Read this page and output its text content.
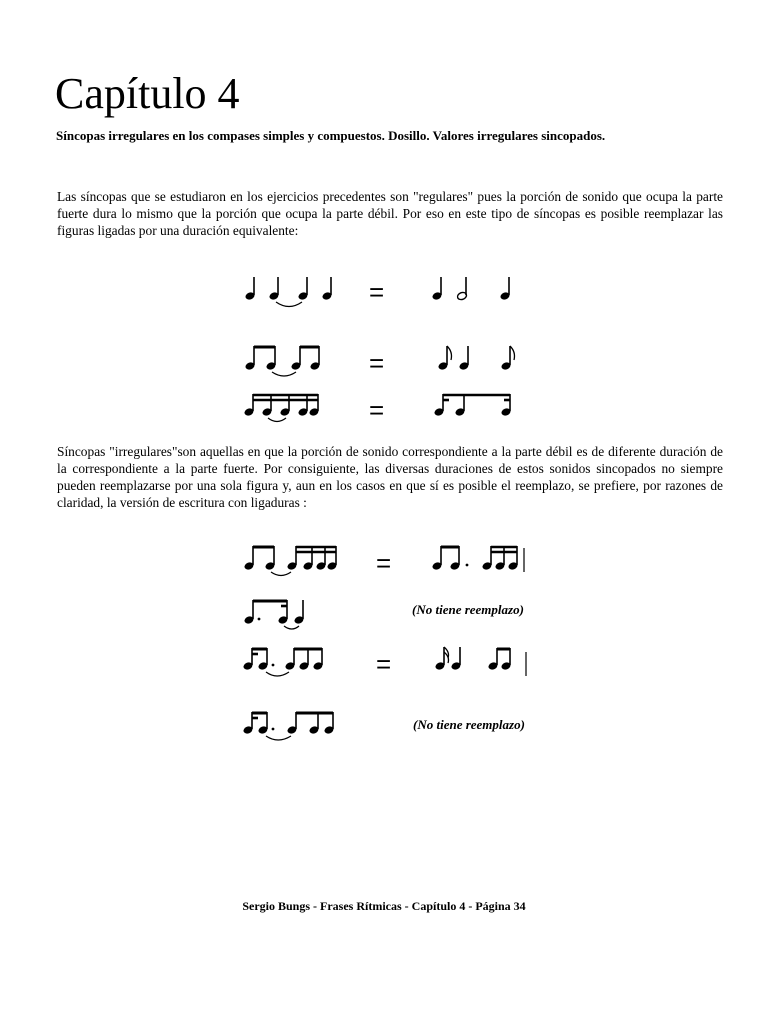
Capítulo 4

Síncopas irregulares en los compases simples y compuestos. Dosillo. Valores irregulares sincopados.

Las síncopas que se estudiaron en los ejercicios precedentes son "regulares" pues la porción de sonido que ocupa la parte fuerte dura lo mismo que la porción que ocupa la parte débil. Por eso en este tipo de síncopas es posible reemplazar las figuras ligadas por una duración equivalente:

=
=
=
=
=

Síncopas "irregulares"son aquellas en que la porción de sonido correspondiente a la parte débil es de diferente duración de la correspondiente a la parte fuerte. Por consiguiente, las diversas duraciones de estos sonidos sincopados no siempre pueden reemplazarse por una sola figura y, aun en los casos en que sí es posible el reemplazo, se prefiere, por razones de claridad, la versión de escritura con ligaduras :

(No tiene reemplazo)
(No tiene reemplazo)
Sergio Bungs - Frases Rítmicas - Capítulo 4 - Página 34
